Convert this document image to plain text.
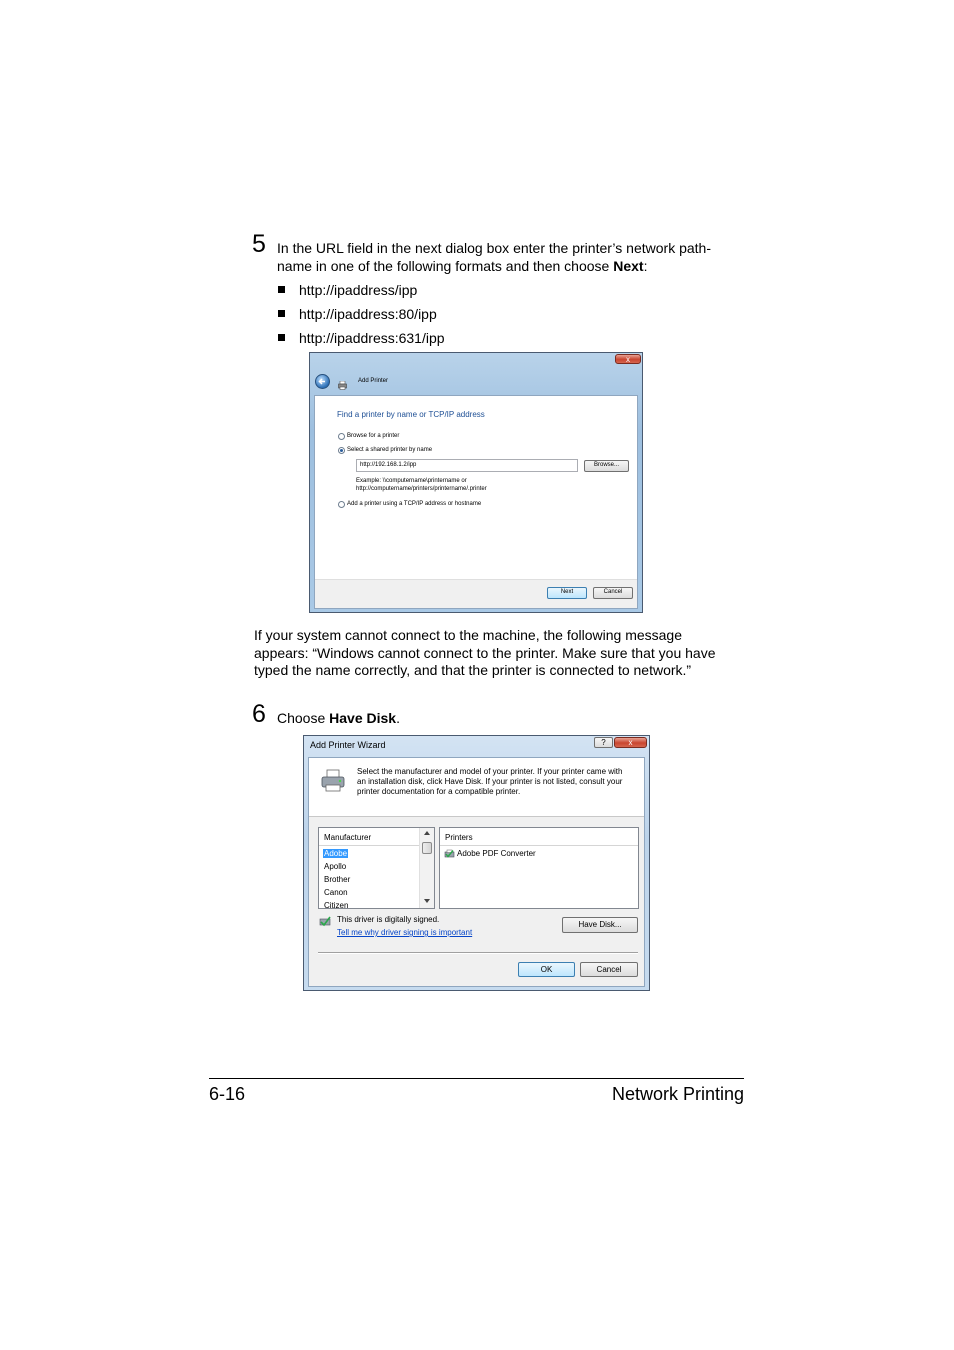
5 In the URL field in the next dialog box enter the printer’s network path-
name in one of the following formats and then choose Next:
http://ipaddress/ipp
http://ipaddress:80/ipp
http://ipaddress:631/ipp
x
Add Printer
Find a printer by name or TCP/IP address
Browse for a printer
Select a shared printer by name
http://192.168.1.2/ipp	Browse...
Example: \\computername\printername or
http://computername/printers/printername/.printer
Add a printer using a TCP/IP address or hostname
Next	Cancel
If your system cannot connect to the machine, the following message
appears: “Windows cannot connect to the printer. Make sure that you have
typed the name correctly, and that the printer is connected to network.”
6 Choose Have Disk.
Add Printer Wizard	?	x
Select the manufacturer and model of your printer. If your printer came with
an installation disk, click Have Disk. If your printer is not listed, consult your
printer documentation for a compatible printer.
Manufacturer
Adobe
Apollo
Brother
Canon
Citizen
Printers
Adobe PDF Converter
This driver is digitally signed.
Tell me why driver signing is important
Have Disk...
OK	Cancel
6-16	Network Printing
